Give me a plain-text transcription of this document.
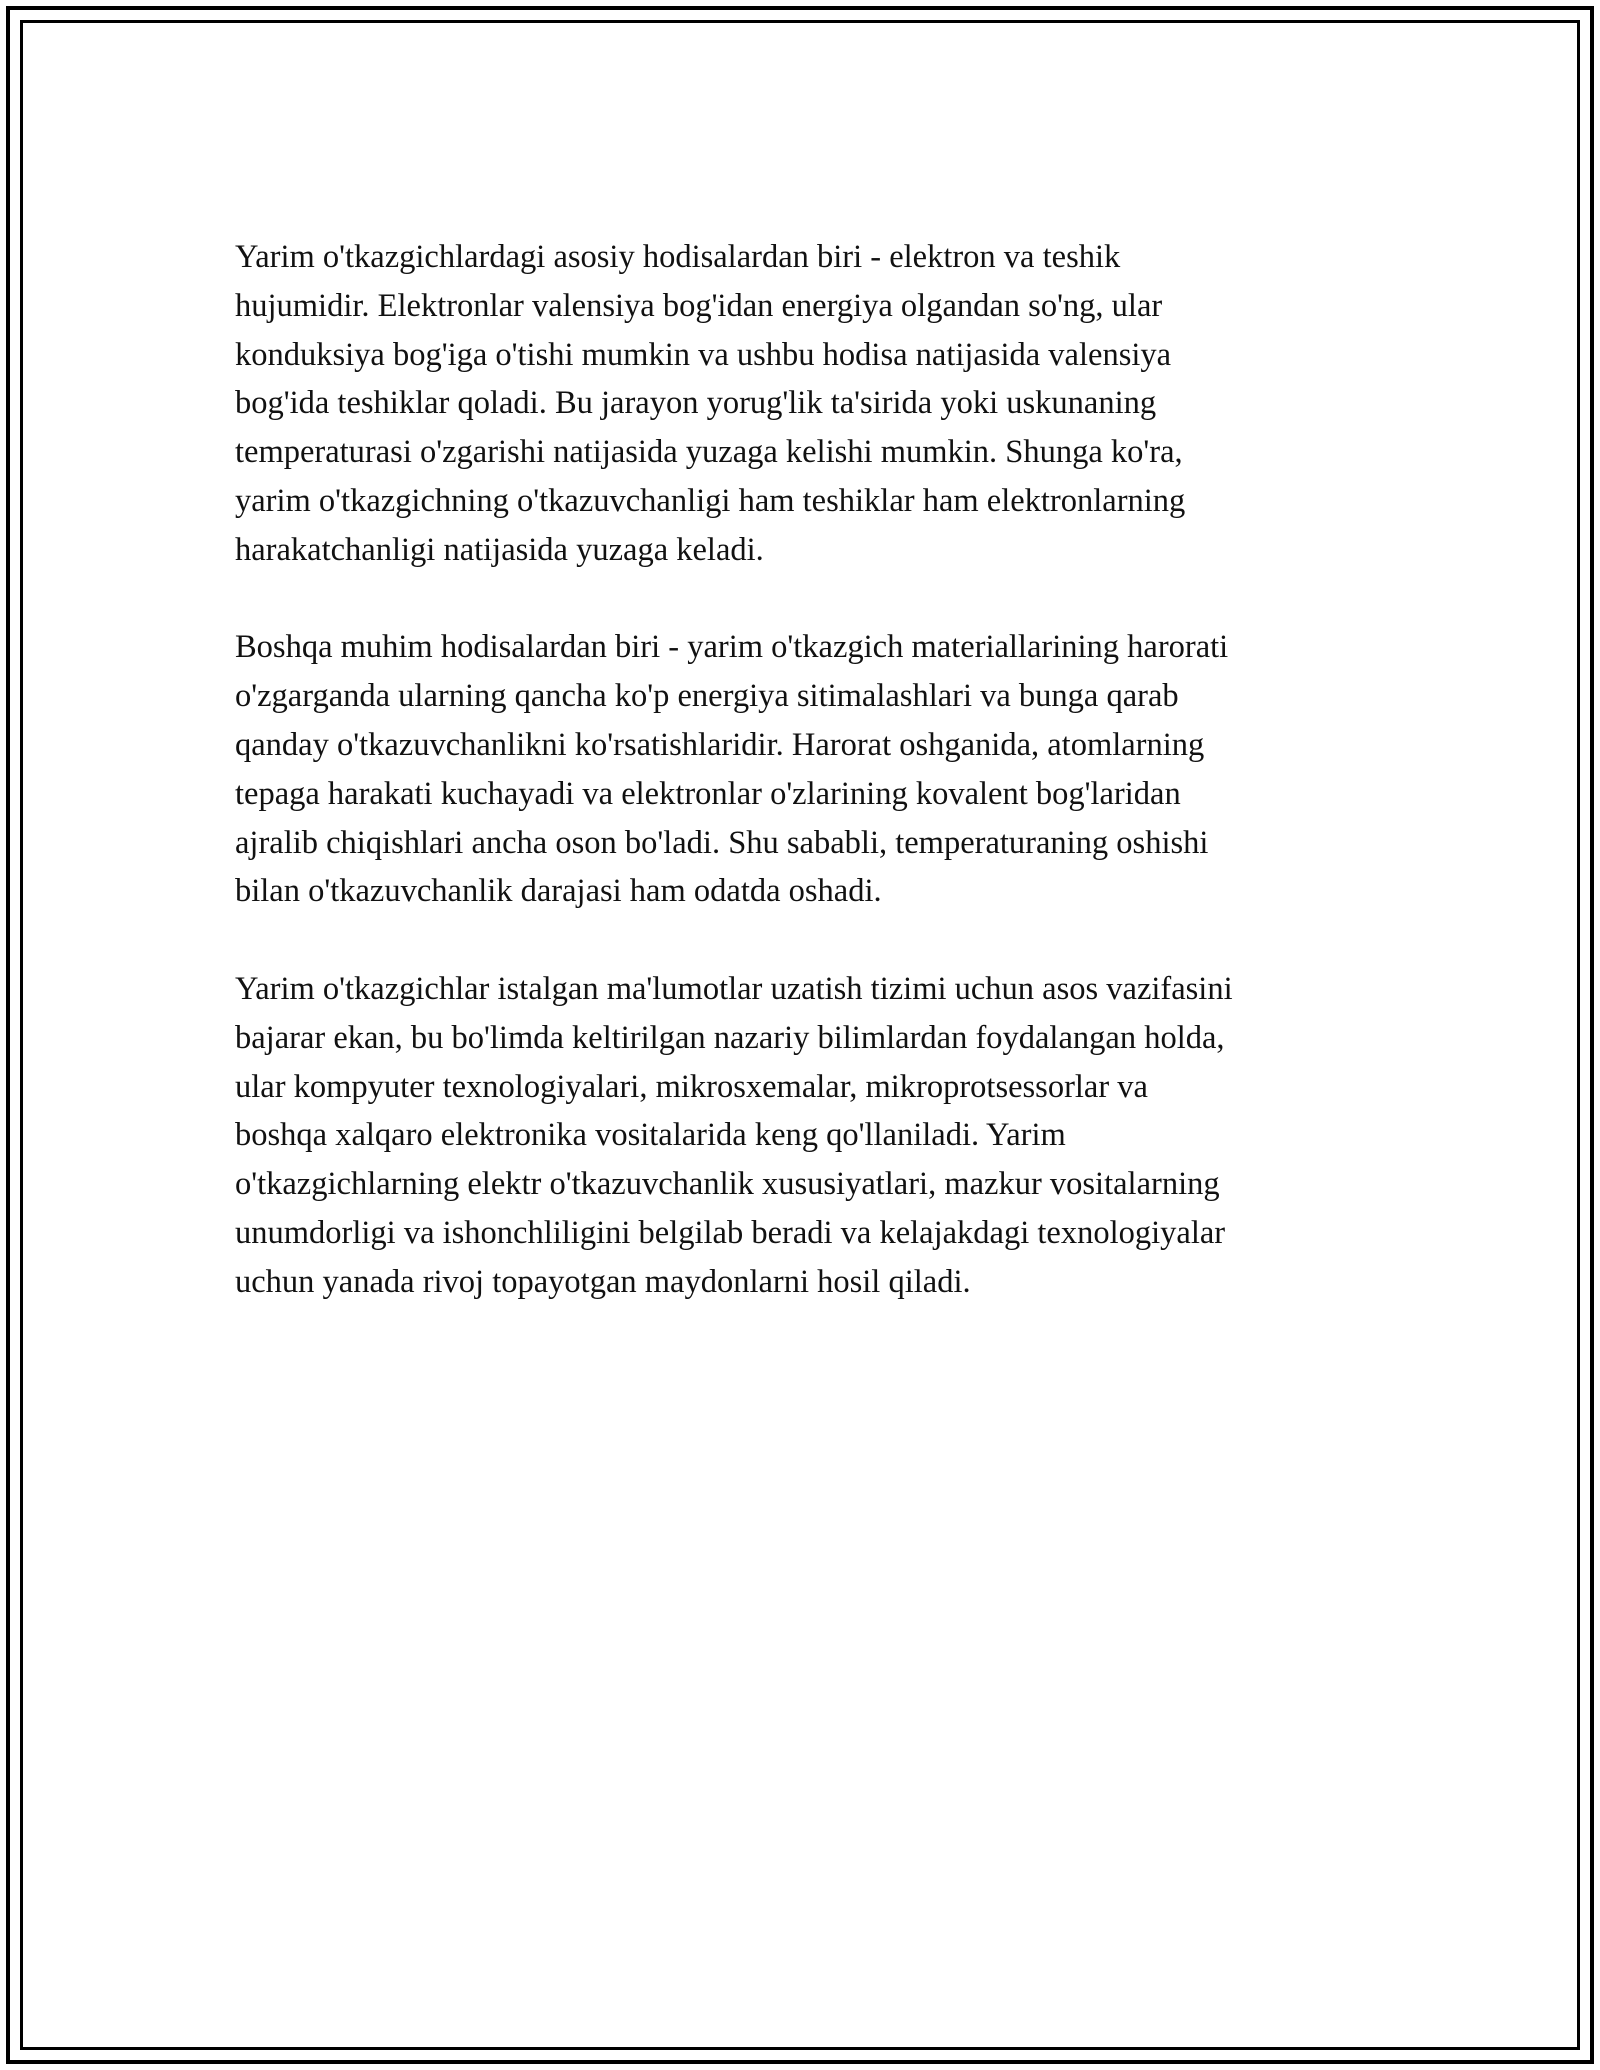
Yarim o'tkazgichlardagi asosiy hodisalardan biri - elektron va teshik
hujumidir. Elektronlar valensiya bog'idan energiya olgandan so'ng, ular
konduksiya bog'iga o'tishi mumkin va ushbu hodisa natijasida valensiya
bog'ida teshiklar qoladi. Bu jarayon yorug'lik ta'sirida yoki uskunaning
temperaturasi o'zgarishi natijasida yuzaga kelishi mumkin. Shunga ko'ra,
yarim o'tkazgichning o'tkazuvchanligi ham teshiklar ham elektronlarning
harakatchanligi natijasida yuzaga keladi.

Boshqa muhim hodisalardan biri - yarim o'tkazgich materiallarining harorati
o'zgarganda ularning qancha ko'p energiya sitimalashlari va bunga qarab
qanday o'tkazuvchanlikni ko'rsatishlaridir. Harorat oshganida, atomlarning
tepaga harakati kuchayadi va elektronlar o'zlarining kovalent bog'laridan
ajralib chiqishlari ancha oson bo'ladi. Shu sababli, temperaturaning oshishi
bilan o'tkazuvchanlik darajasi ham odatda oshadi.

Yarim o'tkazgichlar istalgan ma'lumotlar uzatish tizimi uchun asos vazifasini
bajarar ekan, bu bo'limda keltirilgan nazariy bilimlardan foydalangan holda,
ular kompyuter texnologiyalari, mikrosxemalar, mikroprotsessorlar va
boshqa xalqaro elektronika vositalarida keng qo'llaniladi. Yarim
o'tkazgichlarning elektr o'tkazuvchanlik xususiyatlari, mazkur vositalarning
unumdorligi va ishonchliligini belgilab beradi va kelajakdagi texnologiyalar
uchun yanada rivoj topayotgan maydonlarni hosil qiladi.
